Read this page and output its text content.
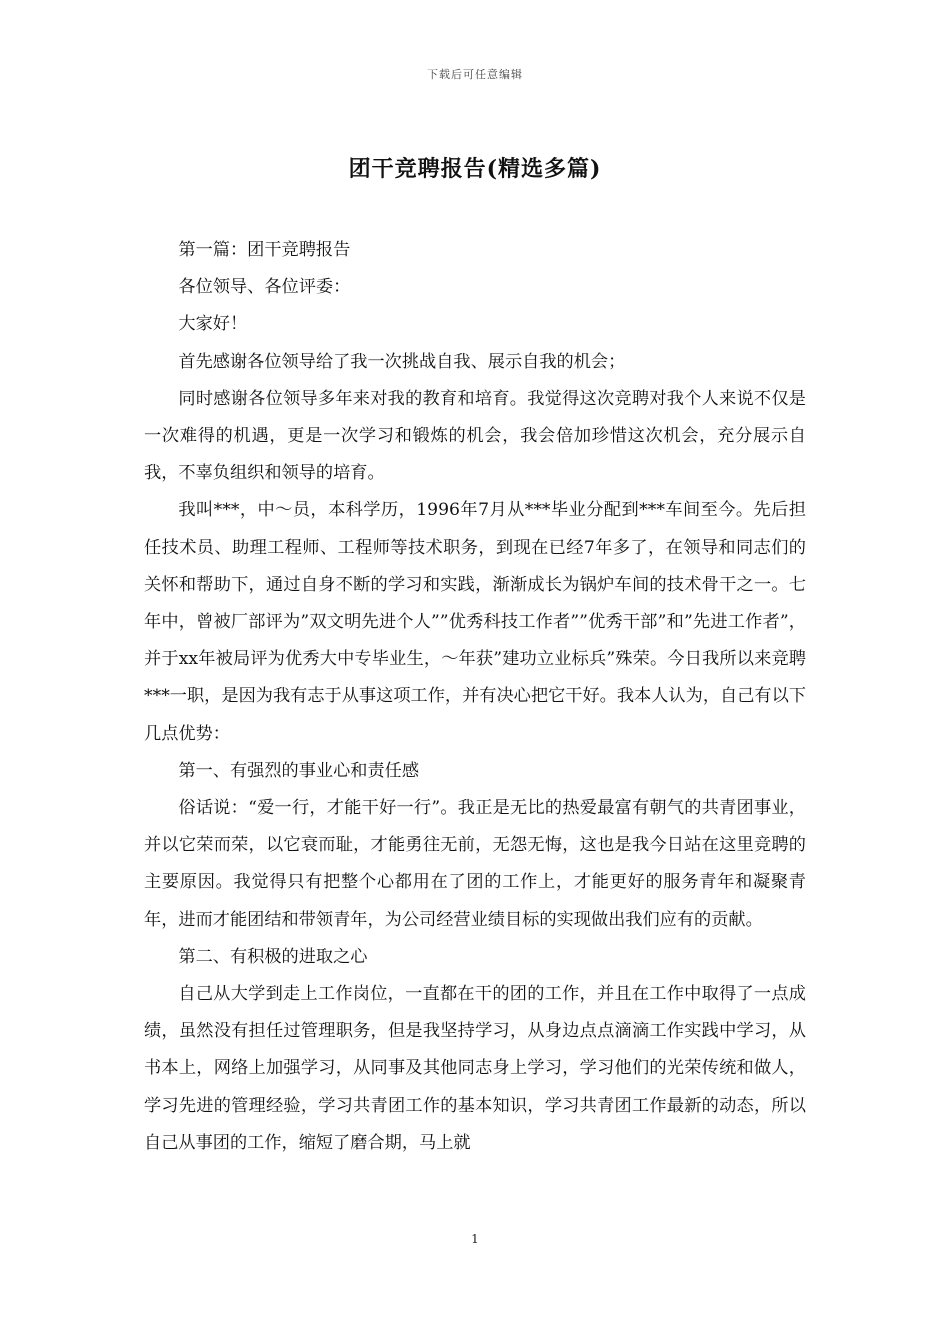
下载后可任意编辑
团干竞聘报告(精选多篇)

第一篇：团干竞聘报告

各位领导、各位评委：

大家好！

首先感谢各位领导给了我一次挑战自我、展示自我的机会；

同时感谢各位领导多年来对我的教育和培育。我觉得这次竞聘对我个人来说不仅是一次难得的机遇，更是一次学习和锻炼的机会，我会倍加珍惜这次机会，充分展示自我，不辜负组织和领导的培育。

我叫***，中～员，本科学历，1996年7月从***毕业分配到***车间至今。先后担任技术员、助理工程师、工程师等技术职务，到现在已经7年多了，在领导和同志们的关怀和帮助下，通过自身不断的学习和实践，渐渐成长为锅炉车间的技术骨干之一。七年中，曾被厂部评为”双文明先进个人””优秀科技工作者””优秀干部”和”先进工作者”，并于xx年被局评为优秀大中专毕业生，～年获”建功立业标兵”殊荣。今日我所以来竞聘***一职，是因为我有志于从事这项工作，并有决心把它干好。我本人认为，自己有以下几点优势：

第一、有强烈的事业心和责任感

俗话说：“爱一行，才能干好一行”。我正是无比的热爱最富有朝气的共青团事业，并以它荣而荣，以它衰而耻，才能勇往无前，无怨无悔，这也是我今日站在这里竞聘的主要原因。我觉得只有把整个心都用在了团的工作上，才能更好的服务青年和凝聚青年，进而才能团结和带领青年，为公司经营业绩目标的实现做出我们应有的贡献。

第二、有积极的进取之心

自己从大学到走上工作岗位，一直都在干的团的工作，并且在工作中取得了一点成绩，虽然没有担任过管理职务，但是我坚持学习，从身边点点滴滴工作实践中学习，从书本上，网络上加强学习，从同事及其他同志身上学习，学习他们的光荣传统和做人，学习先进的管理经验，学习共青团工作的基本知识，学习共青团工作最新的动态，所以自己从事团的工作，缩短了磨合期，马上就

1
